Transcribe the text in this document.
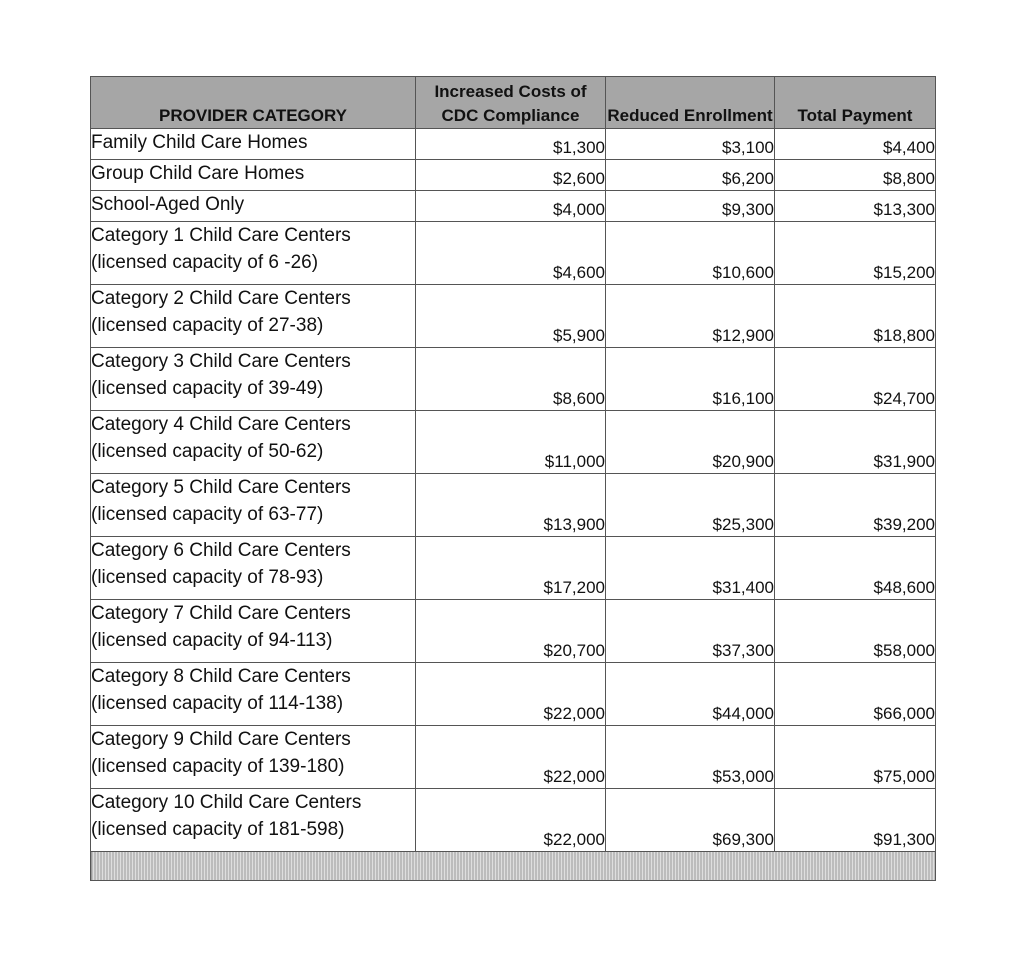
PROVIDER CATEGORY	Increased Costs of CDC Compliance	Reduced Enrollment	Total Payment

Family Child Care Homes	$1,300	$3,100	$4,400

Group Child Care Homes	$2,600	$6,200	$8,800

School-Aged Only	$4,000	$9,300	$13,300

Category 1 Child Care Centers
(licensed capacity of 6 -26)	$4,600	$10,600	$15,200

Category 2 Child Care Centers
(licensed capacity of 27-38)	$5,900	$12,900	$18,800

Category 3 Child Care Centers
(licensed capacity of 39-49)	$8,600	$16,100	$24,700

Category 4 Child Care Centers
(licensed capacity of 50-62)	$11,000	$20,900	$31,900

Category 5 Child Care Centers
(licensed capacity of 63-77)	$13,900	$25,300	$39,200

Category 6 Child Care Centers
(licensed capacity of 78-93)	$17,200	$31,400	$48,600

Category 7 Child Care Centers
(licensed capacity of 94-113)	$20,700	$37,300	$58,000

Category 8 Child Care Centers
(licensed capacity of 114-138)	$22,000	$44,000	$66,000

Category 9 Child Care Centers
(licensed capacity of 139-180)	$22,000	$53,000	$75,000

Category 10 Child Care Centers
(licensed capacity of 181-598)	$22,000	$69,300	$91,300
